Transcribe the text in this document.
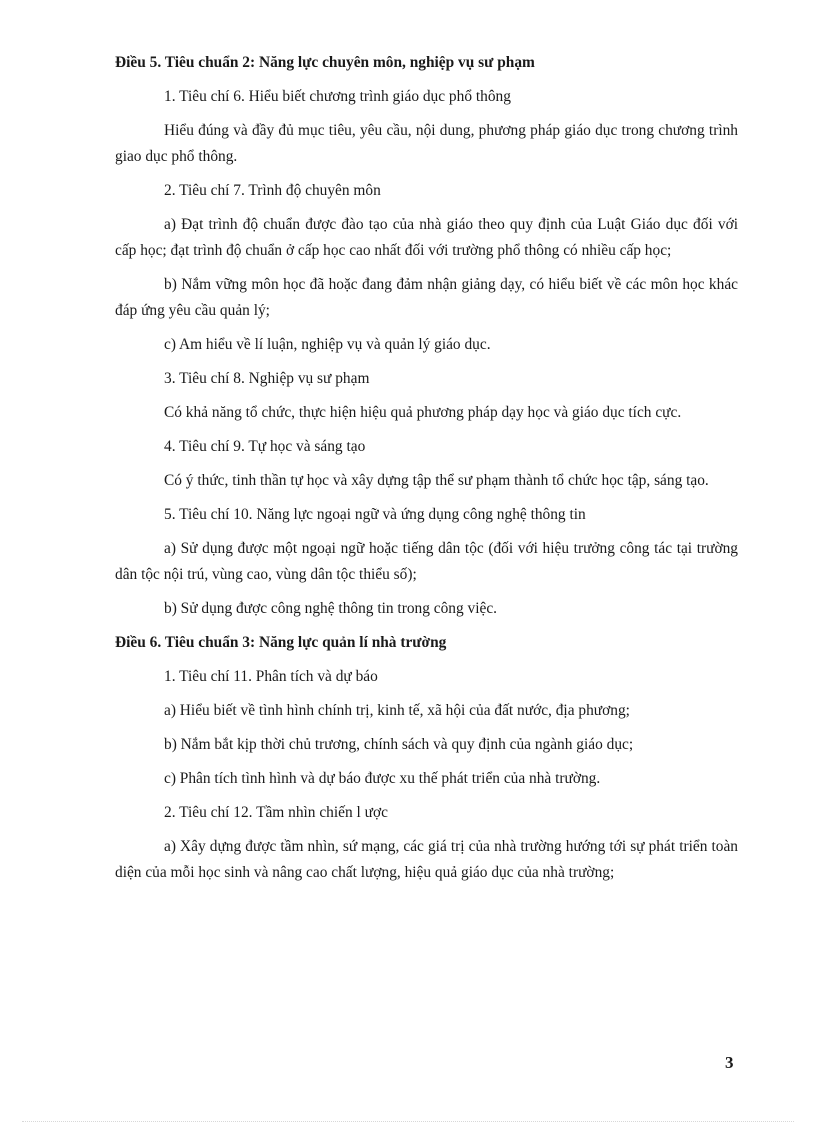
Điều 5. Tiêu chuẩn 2: Năng lực chuyên môn, nghiệp vụ sư phạm

1. Tiêu chí 6. Hiểu biết chương trình giáo dục phổ thông

Hiểu đúng và đầy đủ mục tiêu, yêu cầu, nội dung, phương pháp giáo dục trong chương trình giao dục phổ thông.

2. Tiêu chí 7. Trình độ chuyên môn

a) Đạt trình độ chuẩn được đào tạo của nhà giáo theo quy định của Luật Giáo dục đối với cấp học; đạt trình độ chuẩn ở cấp học cao nhất đối với trường phổ thông có nhiều cấp học;

b) Nắm vững môn học đã hoặc đang đảm nhận giảng dạy, có hiểu biết về các môn học khác đáp ứng yêu cầu quản lý;

c) Am hiểu về lí luận, nghiệp vụ và quản lý giáo dục.

3. Tiêu chí 8. Nghiệp vụ sư phạm

Có khả năng tổ chức, thực hiện hiệu quả phương pháp dạy học và giáo dục tích cực.

4. Tiêu chí 9. Tự học và sáng tạo

Có ý thức, tinh thần tự học và xây dựng tập thể sư phạm thành tổ chức học tập, sáng tạo.

5. Tiêu chí 10. Năng lực ngoại ngữ và ứng dụng công nghệ thông tin

a) Sử dụng được một ngoại ngữ hoặc tiếng dân tộc (đối với hiệu trưởng công tác tại trường dân tộc nội trú, vùng cao, vùng dân tộc thiểu số);

b) Sử dụng được công nghệ thông tin trong công việc.

Điều 6. Tiêu chuẩn 3: Năng lực quản lí nhà trường

1. Tiêu chí 11. Phân tích và dự báo

a) Hiểu biết về tình hình chính trị, kinh tế, xã hội của đất nước, địa phương;

b) Nắm bắt kịp thời chủ trương, chính sách và quy định của ngành giáo dục;

c) Phân tích tình hình và dự báo được xu thế phát triển của nhà trường.

2. Tiêu chí 12. Tầm nhìn chiến l ược

a) Xây dựng được tầm nhìn, sứ mạng, các giá trị của nhà trường hướng tới sự phát triển toàn diện của mỗi học sinh và nâng cao chất lượng, hiệu quả giáo dục của nhà trường;

3
